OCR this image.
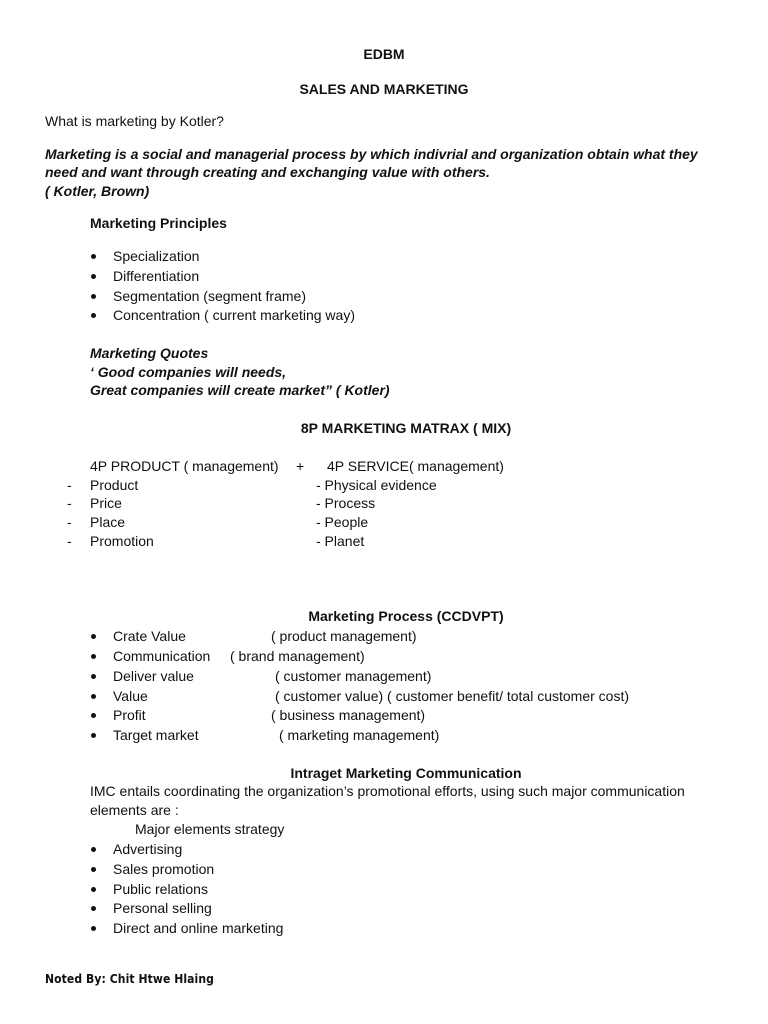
EDBM
SALES AND MARKETING
What is marketing by Kotler?
Marketing is a social and managerial process by which indivrial and organization obtain what they
need and want through creating and exchanging value with others.
( Kotler, Brown)
Marketing Principles
Specialization
Differentiation
Segmentation (segment frame)
Concentration ( current marketing way)
Marketing Quotes
‘ Good companies will needs,
Great companies will create market” ( Kotler)
8P MARKETING MATRAX ( MIX)
4P PRODUCT ( management) + 4P SERVICE( management)
- Product	- Physical evidence
- Price	- Process
- Place	- People
- Promotion	- Planet
Marketing Process (CCDVPT)
Crate Value	( product management)
Communication ( brand management)
Deliver value	( customer management)
Value	( customer value) ( customer benefit/ total customer cost)
Profit	( business management)
Target market	( marketing management)
Intraget Marketing Communication
IMC entails coordinating the organization’s promotional efforts, using such major communication
elements are :
Major elements strategy
Advertising
Sales promotion
Public relations
Personal selling
Direct and online marketing
Noted By: Chit Htwe Hlaing
